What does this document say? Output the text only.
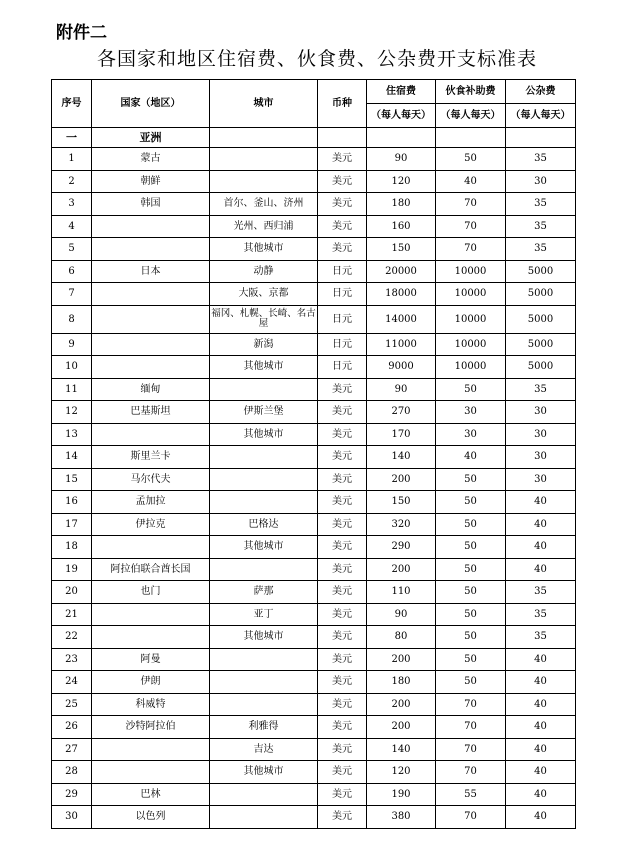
附件二
各国家和地区住宿费、伙食费、公杂费开支标准表
序号	国家（地区）	城市	币种	住宿费	伙食补助费	公杂费
				（每人每天）	（每人每天）	（每人每天）
一	亚洲					
1	蒙古		美元	90	50	35
2	朝鲜		美元	120	40	30
3	韩国	首尔、釜山、济州	美元	180	70	35
4		光州、西归浦	美元	160	70	35
5		其他城市	美元	150	70	35
6	日本	动静	日元	20000	10000	5000
7		大阪、京都	日元	18000	10000	5000
8		福冈、札幌、长崎、名古屋	日元	14000	10000	5000
9		新潟	日元	11000	10000	5000
10		其他城市	日元	9000	10000	5000
11	缅甸		美元	90	50	35
12	巴基斯坦	伊斯兰堡	美元	270	30	30
13		其他城市	美元	170	30	30
14	斯里兰卡		美元	140	40	30
15	马尔代夫		美元	200	50	30
16	孟加拉		美元	150	50	40
17	伊拉克	巴格达	美元	320	50	40
18		其他城市	美元	290	50	40
19	阿拉伯联合酋长国		美元	200	50	40
20	也门	萨那	美元	110	50	35
21		亚丁	美元	90	50	35
22		其他城市	美元	80	50	35
23	阿曼		美元	200	50	40
24	伊朗		美元	180	50	40
25	科威特		美元	200	70	40
26	沙特阿拉伯	利雅得	美元	200	70	40
27		吉达	美元	140	70	40
28		其他城市	美元	120	70	40
29	巴林		美元	190	55	40
30	以色列		美元	380	70	40
